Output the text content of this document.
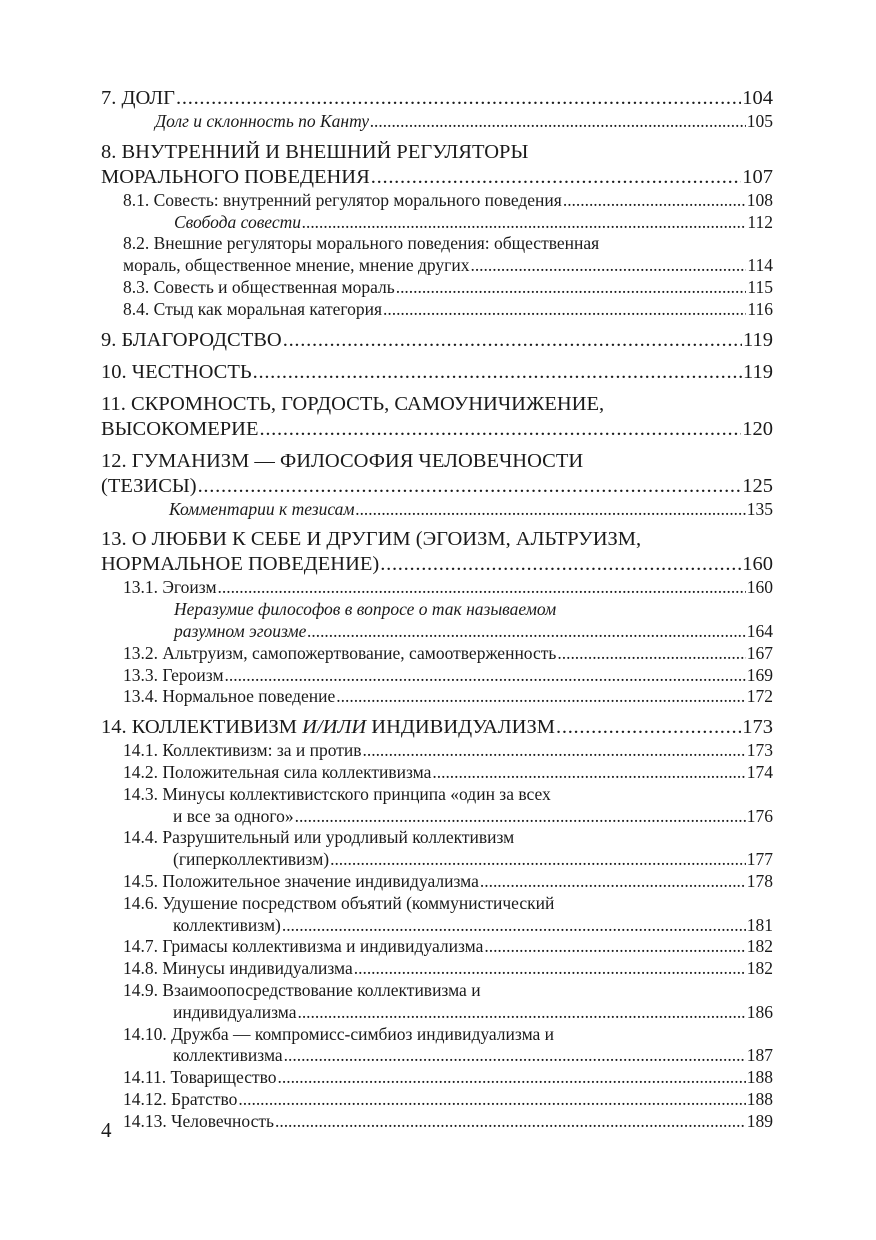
7. ДОЛГ . . .	104
Долг и склонность по Канту . . .	105
8. ВНУТРЕННИЙ И ВНЕШНИЙ РЕГУЛЯТОРЫ
МОРАЛЬНОГО ПОВЕДЕНИЯ . . .	107
8.1. Совесть: внутренний регулятор морального поведения . . .	108
Свобода совести . . .	112
8.2. Внешние регуляторы морального поведения: общественная
мораль, общественное мнение, мнение других . . .	114
8.3. Совесть и общественная мораль . . .	115
8.4. Стыд как моральная категория . . .	116
9. БЛАГОРОДСТВО . . .	119
10. ЧЕСТНОСТЬ . . .	119
11. СКРОМНОСТЬ, ГОРДОСТЬ, САМОУНИЧИЖЕНИЕ,
ВЫСОКОМЕРИЕ . . .	120
12. ГУМАНИЗМ — ФИЛОСОФИЯ ЧЕЛОВЕЧНОСТИ
(ТЕЗИСЫ) . . .	125
Комментарии к тезисам . . .	135
13. О ЛЮБВИ К СЕБЕ И ДРУГИМ (ЭГОИЗМ, АЛЬТРУИЗМ,
НОРМАЛЬНОЕ ПОВЕДЕНИЕ) . . .	160
13.1. Эгоизм . . .	160
Неразумие философов в вопросе о так называемом
разумном эгоизме . . .	164
13.2. Альтруизм, самопожертвование, самоотверженность . . .	167
13.3. Героизм . . .	169
13.4. Нормальное поведение . . .	172
14. КОЛЛЕКТИВИЗМ И/ИЛИ ИНДИВИДУАЛИЗМ . . .	173
14.1. Коллективизм: за и против . . .	173
14.2. Положительная сила коллективизма . . .	174
14.3. Минусы коллективистского принципа «один за всех
и все за одного» . . .	176
14.4. Разрушительный или уродливый коллективизм
(гиперколлективизм) . . .	177
14.5. Положительное значение индивидуализма . . .	178
14.6. Удушение посредством объятий (коммунистический
коллективизм) . . .	181
14.7. Гримасы коллективизма и индивидуализма . . .	182
14.8. Минусы индивидуализма . . .	182
14.9. Взаимоопосредствование коллективизма и
индивидуализма . . .	186
14.10. Дружба — компромисс-симбиоз индивидуализма и
коллективизма . . .	187
14.11. Товарищество . . .	188
14.12. Братство . . .	188
14.13. Человечность . . .	189
4
